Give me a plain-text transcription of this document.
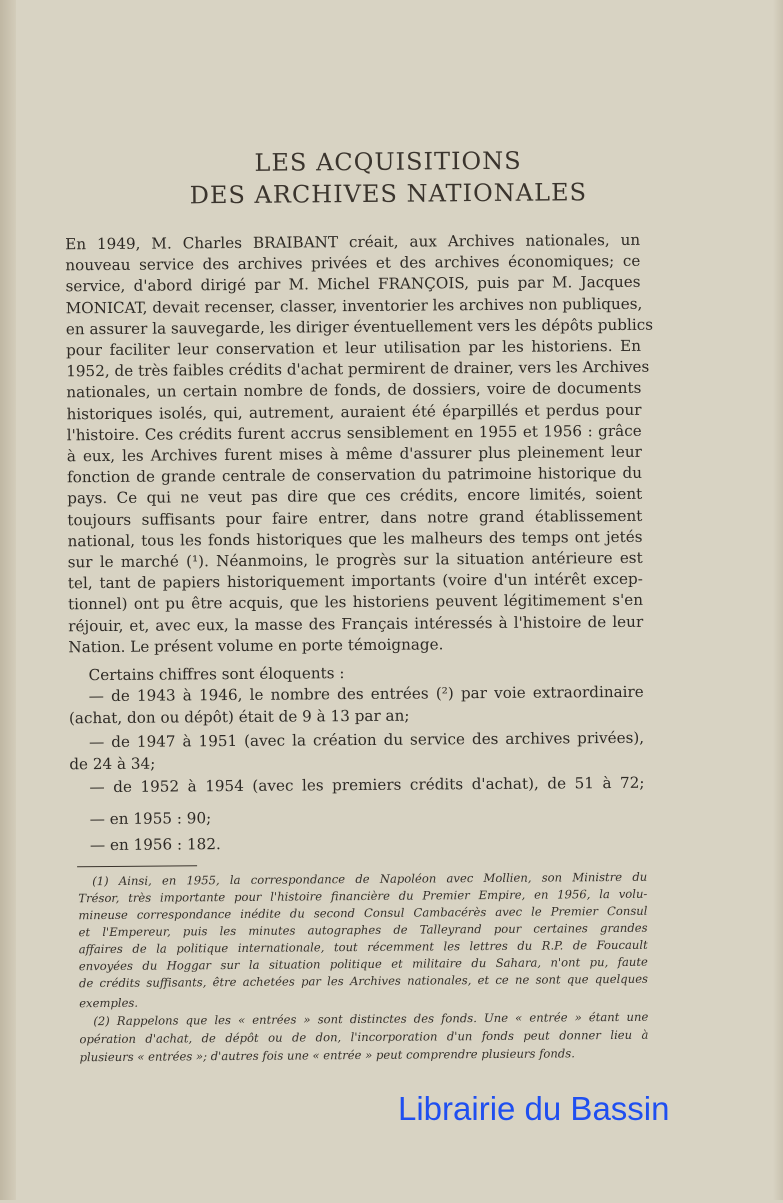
LES ACQUISITIONS
DES ARCHIVES NATIONALES
En 1949, M. Charles BRAIBANT créait, aux Archives nationales, un
nouveau service des archives privées et des archives économiques; ce
service, d'abord dirigé par M. Michel FRANÇOIS, puis par M. Jacques
MONICAT, devait recenser, classer, inventorier les archives non publiques,
en assurer la sauvegarde, les diriger éventuellement vers les dépôts publics
pour faciliter leur conservation et leur utilisation par les historiens. En
1952, de très faibles crédits d'achat permirent de drainer, vers les Archives
nationales, un certain nombre de fonds, de dossiers, voire de documents
historiques isolés, qui, autrement, auraient été éparpillés et perdus pour
l'histoire. Ces crédits furent accrus sensiblement en 1955 et 1956 : grâce
à eux, les Archives furent mises à même d'assurer plus pleinement leur
fonction de grande centrale de conservation du patrimoine historique du
pays. Ce qui ne veut pas dire que ces crédits, encore limités, soient
toujours suffisants pour faire entrer, dans notre grand établissement
national, tous les fonds historiques que les malheurs des temps ont jetés
sur le marché (¹). Néanmoins, le progrès sur la situation antérieure est
tel, tant de papiers historiquement importants (voire d'un intérêt excep-
tionnel) ont pu être acquis, que les historiens peuvent légitimement s'en
réjouir, et, avec eux, la masse des Français intéressés à l'histoire de leur
Nation. Le présent volume en porte témoignage.
Certains chiffres sont éloquents :
— de 1943 à 1946, le nombre des entrées (²) par voie extraordinaire
(achat, don ou dépôt) était de 9 à 13 par an;
— de 1947 à 1951 (avec la création du service des archives privées),
de 24 à 34;
— de 1952 à 1954 (avec les premiers crédits d'achat), de 51 à 72;
— en 1955 : 90;
— en 1956 : 182.
(1) Ainsi, en 1955, la correspondance de Napoléon avec Mollien, son Ministre du
Trésor, très importante pour l'histoire financière du Premier Empire, en 1956, la volu-
mineuse correspondance inédite du second Consul Cambacérès avec le Premier Consul
et l'Empereur, puis les minutes autographes de Talleyrand pour certaines grandes
affaires de la politique internationale, tout récemment les lettres du R.P. de Foucault
envoyées du Hoggar sur la situation politique et militaire du Sahara, n'ont pu, faute
de crédits suffisants, être achetées par les Archives nationales, et ce ne sont que quelques
exemples.
(2) Rappelons que les « entrées » sont distinctes des fonds. Une « entrée » étant une
opération d'achat, de dépôt ou de don, l'incorporation d'un fonds peut donner lieu à
plusieurs « entrées »; d'autres fois une « entrée » peut comprendre plusieurs fonds.
Librairie du Bassin
